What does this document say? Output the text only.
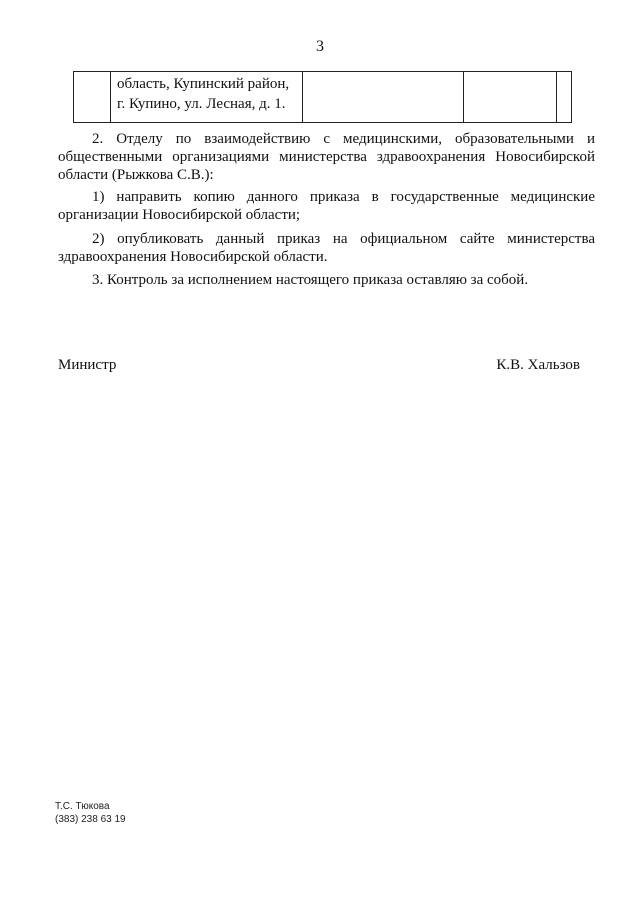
3

область, Купинский район,
г. Купино, ул. Лесная, д. 1.

2. Отделу по взаимодействию с медицинскими, образовательными и
общественными организациями министерства здравоохранения Новосибирской
области (Рыжкова С.В.):
1) направить копию данного приказа в государственные медицинские
организации Новосибирской области;
2) опубликовать данный приказ на официальном сайте министерства
здравоохранения Новосибирской области.
3. Контроль за исполнением настоящего приказа оставляю за собой.
Министр	К.В. Хальзов
Т.С. Тюкова
(383) 238 63 19
